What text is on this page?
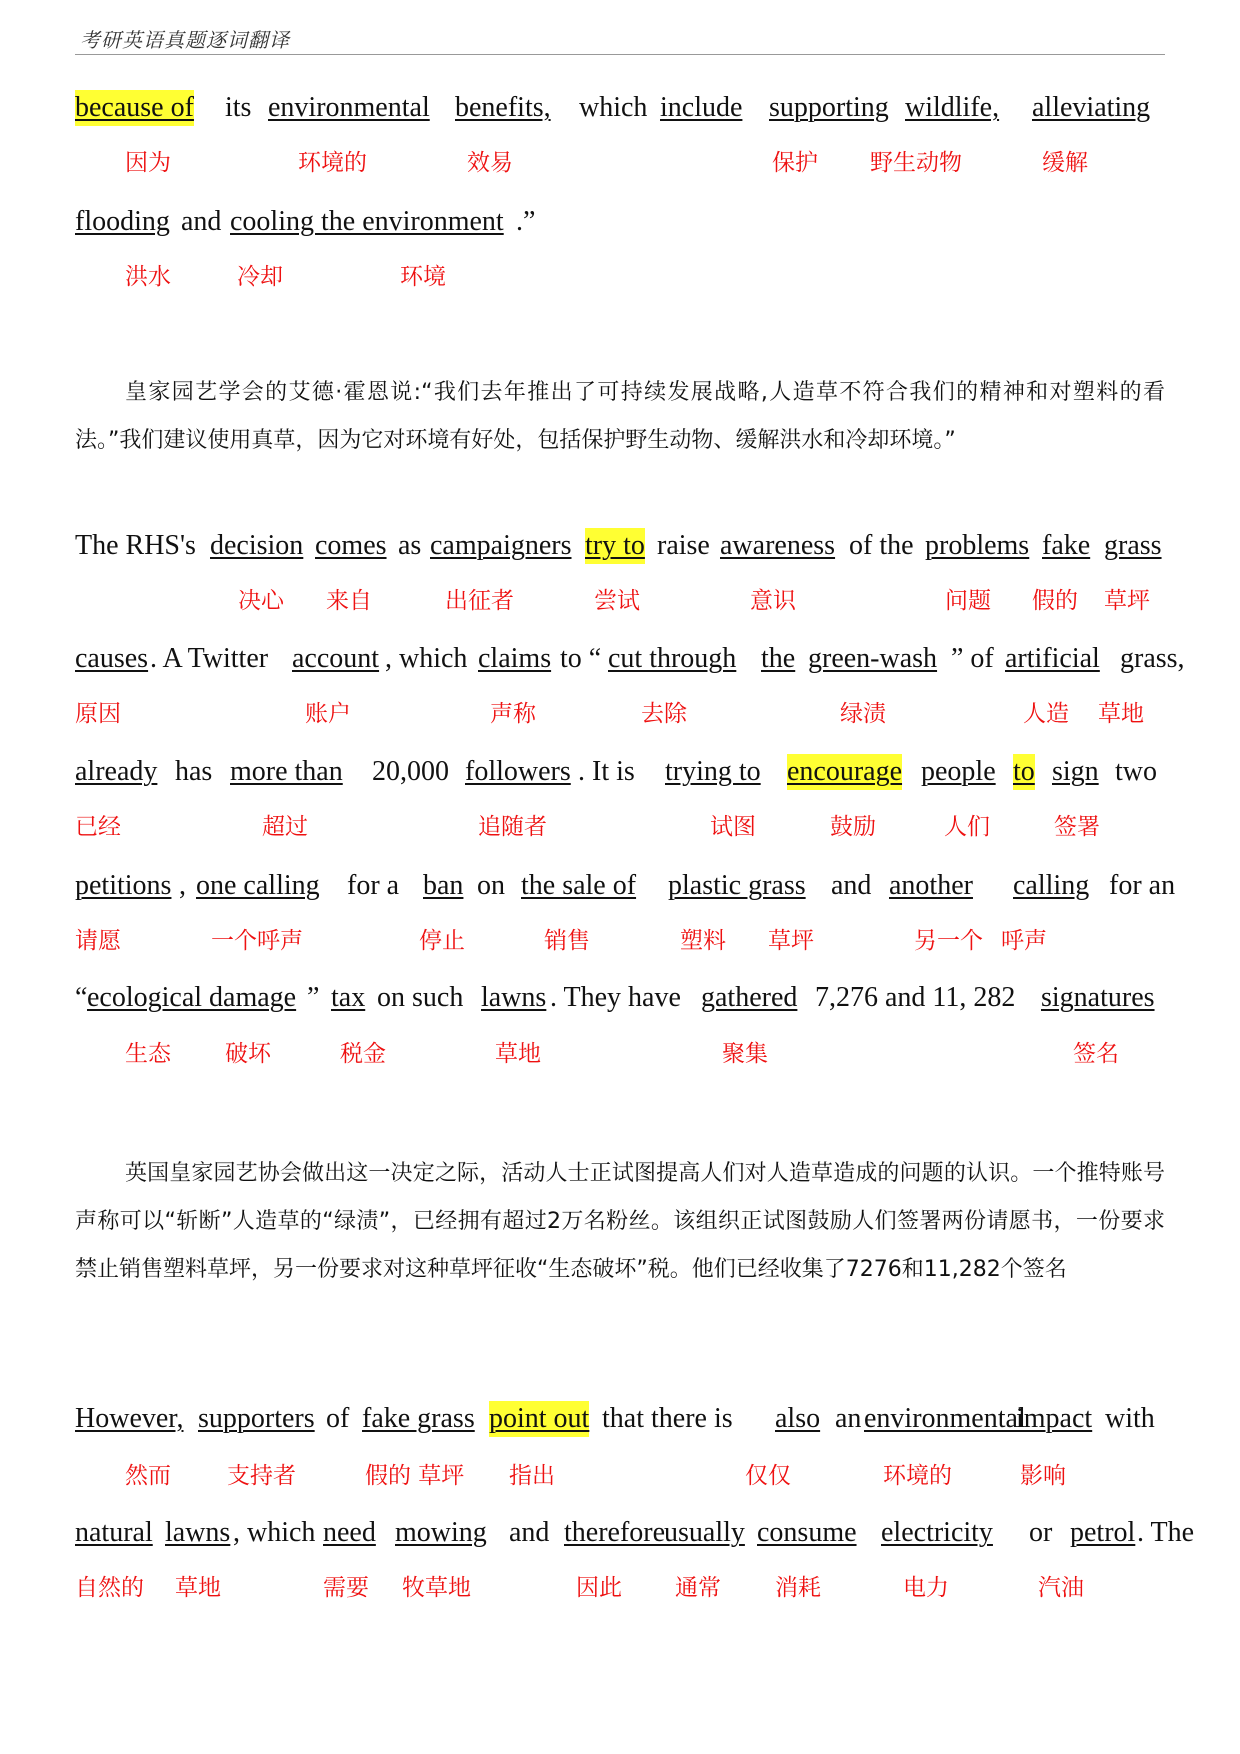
考研英语真题逐词翻译
because of its environmental benefits, which include supporting wildlife, alleviating
因为	环境的	效易	保护 野生动物	缓解
flooding and cooling the environment .”
洪水	冷却	环境
皇家园艺学会的艾德·霍恩说:“我们去年推出了可持续发展战略,人造草不符合我们的精神和对塑料的看法。”我们建议使用真草，因为它对环境有好处，包括保护野生动物、缓解洪水和冷却环境。”
The RHS's decision comes as campaigners try to raise awareness of the problems fake grass
决心 来自	出征者	尝试	意识	问题 假的 草坪
causes . A Twitter account , which claims to “ cut through the green-wash ” of artificial grass,
原因	账户	声称	去除	绿渍	人造 草地
already has more than 20,000 followers . It is trying to encourage people to sign two
已经	超过	追随者	试图	鼓励	人们	签署
petitions , one calling for a ban on the sale of plastic grass and another calling for an
请愿	一个呼声	停止	销售	塑料 草坪	另一个 呼声
“ ecological damage ” tax on such lawns . They have gathered 7,276 and 11, 282 signatures
生态 破坏	税金	草地	聚集	签名
英国皇家园艺协会做出这一决定之际，活动人士正试图提高人们对人造草造成的问题的认识。一个推特账号声称可以“斩断”人造草的“绿渍”，已经拥有超过2万名粉丝。该组织正试图鼓励人们签署两份请愿书，一份要求禁止销售塑料草坪，另一份要求对这种草坪征收“生态破坏”税。他们已经收集了7276和11,282个签名
However, supporters of fake grass point out that there is also an environmental
impact with
然而 支持者	假的 草坪 指出	仅仅	环境的	影响
natural lawns , which need mowing and therefore
usually consume electricity or petrol . The
自然的 草地	需要 牧草地	因此 通常 消耗	电力	汽油
